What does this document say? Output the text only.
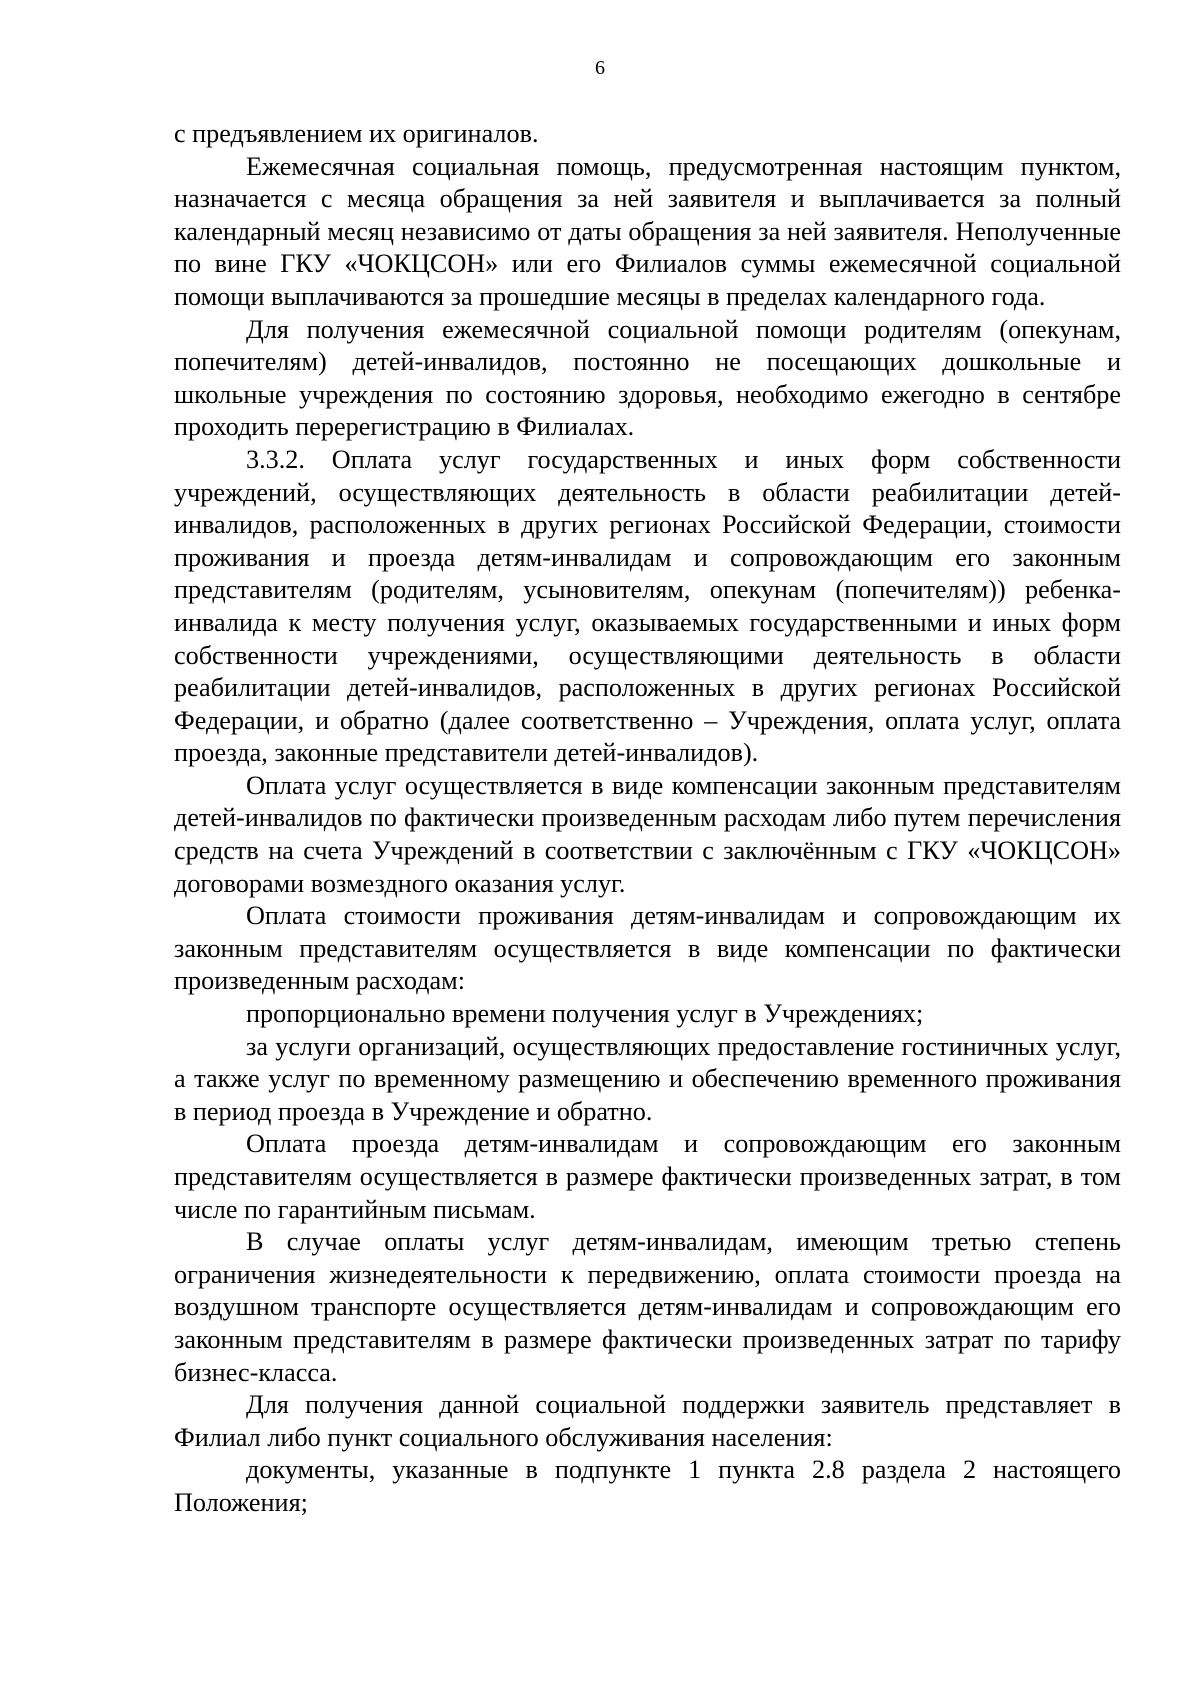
6

с предъявлением их оригиналов.

Ежемесячная социальная помощь, предусмотренная настоящим пунктом, назначается с месяца обращения за ней заявителя и выплачивается за полный календарный месяц независимо от даты обращения за ней заявителя. Неполученные по вине ГКУ «ЧОКЦСОН» или его Филиалов суммы ежемесячной социальной помощи выплачиваются за прошедшие месяцы в пределах календарного года.

Для получения ежемесячной социальной помощи родителям (опекунам, попечителям) детей-инвалидов, постоянно не посещающих дошкольные и школьные учреждения по состоянию здоровья, необходимо ежегодно в сентябре проходить перерегистрацию в Филиалах.

3.3.2. Оплата услуг государственных и иных форм собственности учреждений, осуществляющих деятельность в области реабилитации детей-инвалидов, расположенных в других регионах Российской Федерации, стоимости проживания и проезда детям-инвалидам и сопровождающим его законным представителям (родителям, усыновителям, опекунам (попечителям)) ребенка-инвалида к месту получения услуг, оказываемых государственными и иных форм собственности учреждениями, осуществляющими деятельность в области реабилитации детей-инвалидов, расположенных в других регионах Российской Федерации, и обратно (далее соответственно – Учреждения, оплата услуг, оплата проезда, законные представители детей-инвалидов).

Оплата услуг осуществляется в виде компенсации законным представителям детей-инвалидов по фактически произведенным расходам либо путем перечисления средств на счета Учреждений в соответствии с заключённым с ГКУ «ЧОКЦСОН» договорами возмездного оказания услуг.

Оплата стоимости проживания детям-инвалидам и сопровождающим их законным представителям осуществляется в виде компенсации по фактически произведенным расходам:

пропорционально времени получения услуг в Учреждениях;

за услуги организаций, осуществляющих предоставление гостиничных услуг, а также услуг по временному размещению и обеспечению временного проживания в период проезда в Учреждение и обратно.

Оплата проезда детям-инвалидам и сопровождающим его законным представителям осуществляется в размере фактически произведенных затрат, в том числе по гарантийным письмам.

В случае оплаты услуг детям-инвалидам, имеющим третью степень ограничения жизнедеятельности к передвижению, оплата стоимости проезда на воздушном транспорте осуществляется детям-инвалидам и сопровождающим его законным представителям в размере фактически произведенных затрат по тарифу бизнес-класса.

Для получения данной социальной поддержки заявитель представляет в Филиал либо пункт социального обслуживания населения:

документы, указанные в подпункте 1 пункта 2.8 раздела 2 настоящего Положения;
